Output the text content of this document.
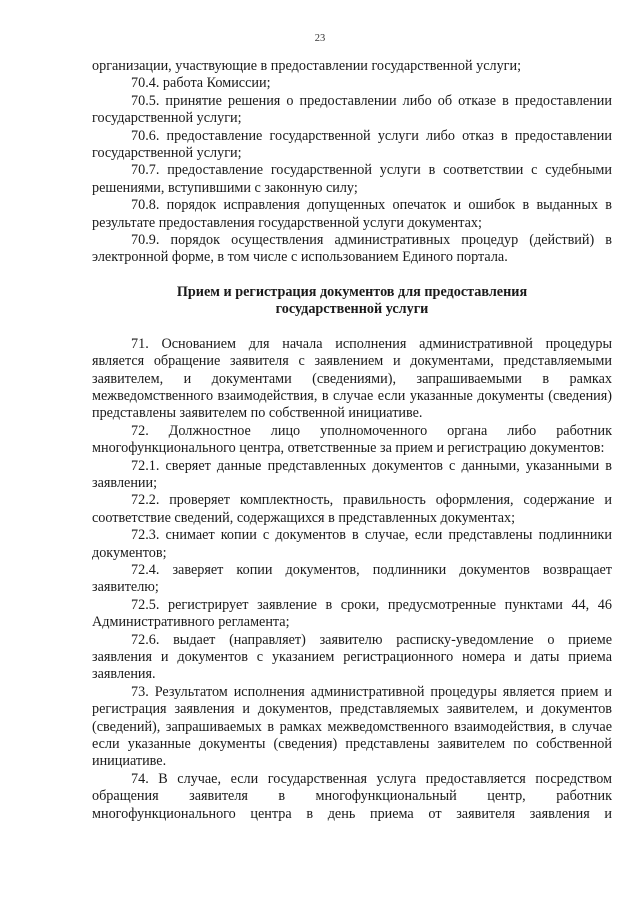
23

организации, участвующие в предоставлении государственной услуги;

70.4. работа Комиссии;

70.5. принятие решения о предоставлении либо об отказе в предоставлении государственной услуги;

70.6. предоставление государственной услуги либо отказ в предоставлении государственной услуги;

70.7. предоставление государственной услуги в соответствии с судебными решениями, вступившими с законную силу;

70.8. порядок исправления допущенных опечаток и ошибок в выданных в результате предоставления государственной услуги документах;

70.9. порядок осуществления административных процедур (действий) в электронной форме, в том числе с использованием Единого портала.

Прием и регистрация документов для предоставления

государственной услуги

71. Основанием для начала исполнения административной процедуры является обращение заявителя с заявлением и документами, представляемыми заявителем, и документами (сведениями), запрашиваемыми в рамках межведомственного взаимодействия, в случае если указанные документы (сведения) представлены заявителем по собственной инициативе.

72. Должностное лицо уполномоченного органа либо работник многофункционального центра, ответственные за прием и регистрацию документов:

72.1. сверяет данные представленных документов с данными, указанными в заявлении;

72.2. проверяет комплектность, правильность оформления, содержание и соответствие сведений, содержащихся в представленных документах;

72.3. снимает копии с документов в случае, если представлены подлинники документов;

72.4. заверяет копии документов, подлинники документов возвращает заявителю;

72.5. регистрирует заявление в сроки, предусмотренные пунктами 44, 46 Административного регламента;

72.6. выдает (направляет) заявителю расписку-уведомление о приеме заявления и документов с указанием регистрационного номера и даты приема заявления.

73. Результатом исполнения административной процедуры является прием и регистрация заявления и документов, представляемых заявителем, и документов (сведений), запрашиваемых в рамках межведомственного взаимодействия, в случае если указанные документы (сведения) представлены заявителем по собственной инициативе.

74. В случае, если государственная услуга предоставляется посредством обращения заявителя в многофункциональный центр, работник многофункционального центра в день приема от заявителя заявления и
